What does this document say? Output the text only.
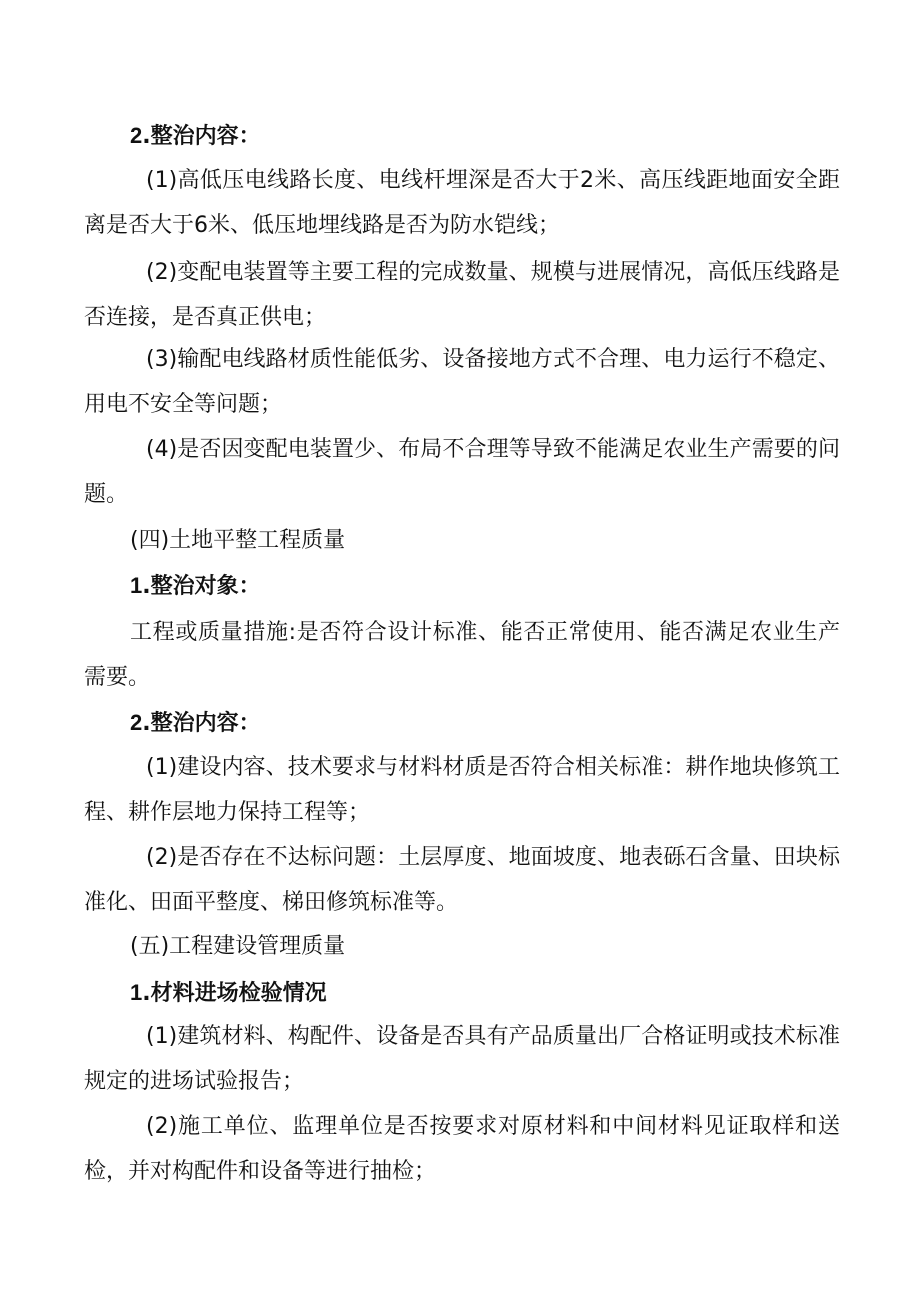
2.整治内容：

(1)高低压电线路长度、电线杆埋深是否大于2米、高压线距地面安全距离是否大于6米、低压地埋线路是否为防水铠线；

(2)变配电装置等主要工程的完成数量、规模与进展情况，高低压线路是否连接，是否真正供电；

(3)输配电线路材质性能低劣、设备接地方式不合理、电力运行不稳定、用电不安全等问题；

(4)是否因变配电装置少、布局不合理等导致不能满足农业生产需要的问题。

(四)土地平整工程质量

1.整治对象：

工程或质量措施:是否符合设计标准、能否正常使用、能否满足农业生产需要。

2.整治内容：

(1)建设内容、技术要求与材料材质是否符合相关标准：耕作地块修筑工程、耕作层地力保持工程等；

(2)是否存在不达标问题：土层厚度、地面坡度、地表砾石含量、田块标准化、田面平整度、梯田修筑标准等。

(五)工程建设管理质量

1.材料进场检验情况

(1)建筑材料、构配件、设备是否具有产品质量出厂合格证明或技术标准规定的进场试验报告；

(2)施工单位、监理单位是否按要求对原材料和中间材料见证取样和送检，并对构配件和设备等进行抽检；
